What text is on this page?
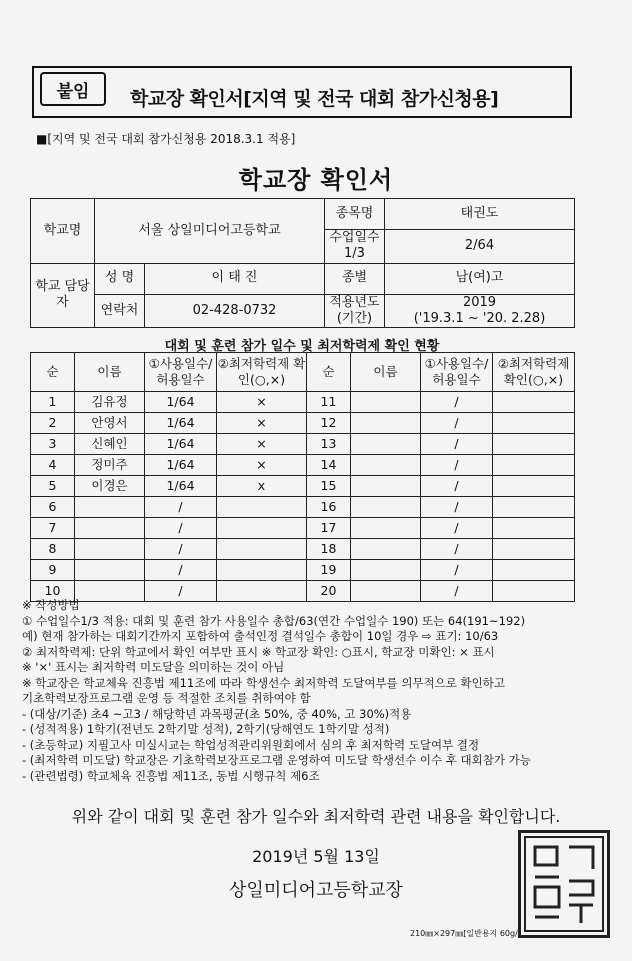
붙임	학교장 확인서[지역 및 전국 대회 참가신청용]
■[지역 및 전국 대회 참가신청용 2018.3.1 적용]
학교장 확인서
학교명	서울 상일미디어고등학교		종목명	태권도
			수업일수 1/3	2/64
학교 담당자	성 명	이 태 진	종별	남(여)고
	연락처	02-428-0732	적용년도 (기간)	2019
('19.3.1 ~ '20. 2.28)
대회 및 훈련 참가 일수 및 최저학력제 확인 현황
순	이름	①사용일수/ 허용일수	②최저학력제 확인(○,×)	순	이름	①사용일수/ 허용일수	②최저학력제 확인(○,×)
1	김유정	1/64	×	11		/	
2	안영서	1/64	×	12		/	
3	신혜인	1/64	×	13		/	
4	정미주	1/64	×	14		/	
5	이경은	1/64	x	15		/	
6		/		16		/	
7		/		17		/	
8		/		18		/	
9		/		19		/	
10		/		20		/	
※ 작성방법
① 수업일수1/3 적용: 대회 및 훈련 참가 사용일수 총합/63(연간 수업일수 190) 또는 64(191~192)
예) 현재 참가하는 대회기간까지 포함하여 출석인정 결석일수 총합이 10일 경우 ⇨ 표기: 10/63
② 최저학력제: 단위 학교에서 확인 여부만 표시 ※ 학교장 확인: ○표시, 학교장 미확인: × 표시
※ '×' 표시는 최저학력 미도달을 의미하는 것이 아님
※ 학교장은 학교체육 진흥법 제11조에 따라 학생선수 최저학력 도달여부를 의무적으로 확인하고
기초학력보장프로그램 운영 등 적절한 조치를 취하여야 함
- (대상/기준) 초4 ~고3 / 해당학년 과목평균(초 50%, 중 40%, 고 30%)적용
- (성적적용) 1학기(전년도 2학기말 성적), 2학기(당해연도 1학기말 성적)
- (초등학교) 지필고사 미실시교는 학업성적관리위원회에서 심의 후 최저학력 도달여부 결정
- (최저학력 미도달) 학교장은 기초학력보장프로그램 운영하여 미도달 학생선수 이수 후 대회참가 가능
- (관련법령) 학교체육 진흥법 제11조, 동법 시행규칙 제6조
위와 같이 대회 및 훈련 참가 일수와 최저학력 관련 내용을 확인합니다.
2019년 5월 13일
상일미디어고등학교장
210㎜×297㎜[일반용지 60g/
